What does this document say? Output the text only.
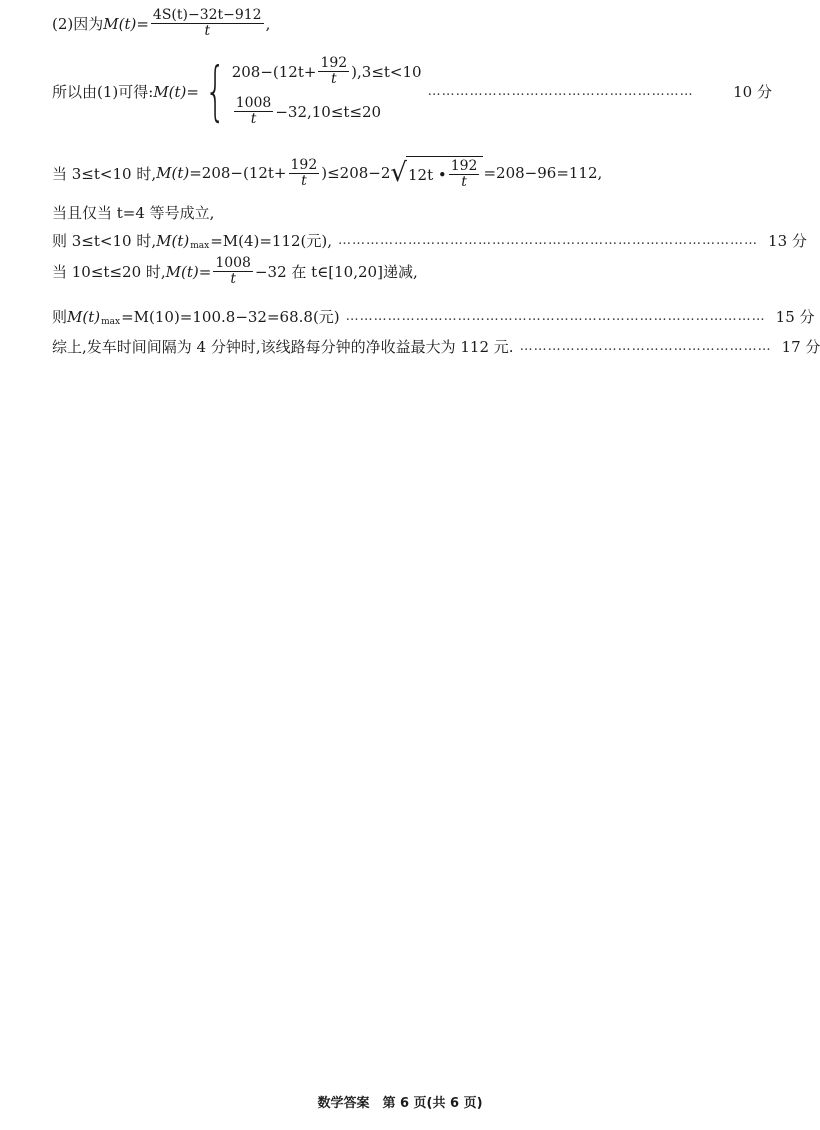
(2)因为 $M(t) = \frac{4S(t)-32t-912}{t}$ ,
所以由(1)可得: M(t) = { $208-(12t+ \frac{192}{t} ),3\le t<10$
$\frac{1008}{t} -32,10\le t\le 20$
…………………………………………………	10 分
当 3≤t<10 时, $M(t) =208-(12t+ \frac{192}{t} )\le 208-2$ √ 12t • $\frac{192}{t} =208-96=112$,
当且仅当 t=4 等号成立,
则 3≤t<10 时, M(t) max =M(4)=112(元), ……………………………………………………………………………… 13 分
当 10≤t≤20 时, $M(t) = \frac{1008}{t} -32$ 在 t∈[10,20]递减,
则 M(t) max =M(10)=100.8−32=68.8(元) ……………………………………………………………………………… 15 分
综上,发车时间间隔为 4 分钟时,该线路每分钟的净收益最大为 112 元. ……………………………………………… 17 分
数学答案　第 6 页(共 6 页)
